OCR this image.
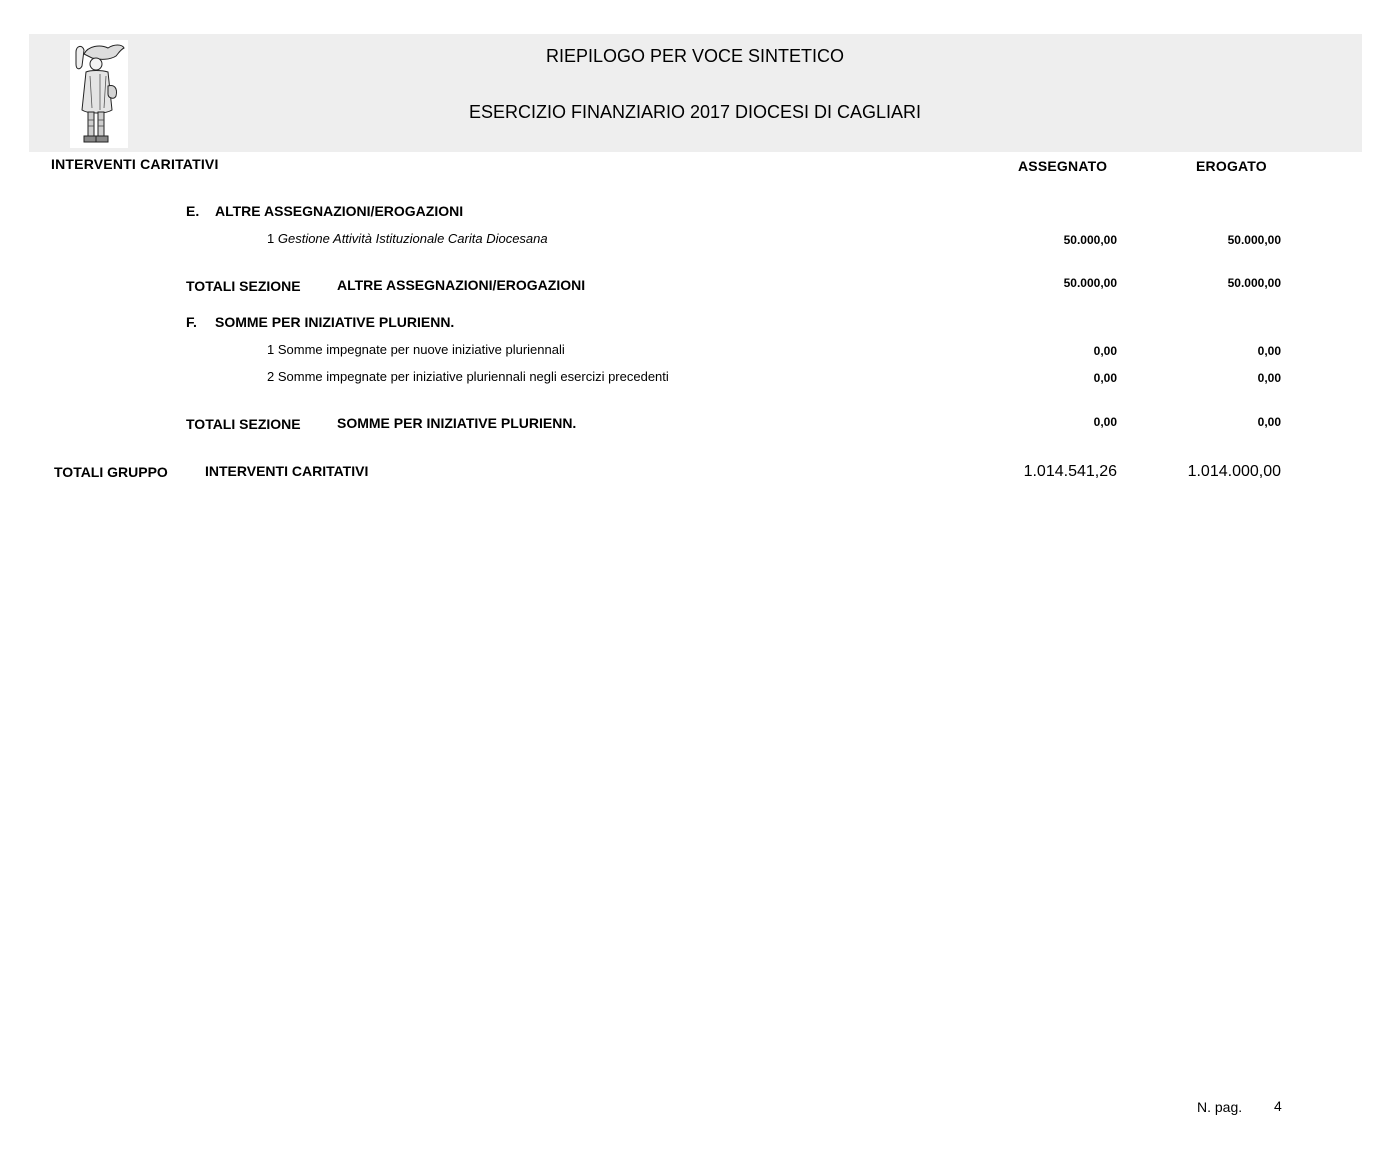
RIEPILOGO PER VOCE SINTETICO
ESERCIZIO FINANZIARIO 2017 DIOCESI DI CAGLIARI
INTERVENTI CARITATIVI	ASSEGNATO	EROGATO
E. ALTRE ASSEGNAZIONI/EROGAZIONI
1 Gestione Attività Istituzionale Carita Diocesana	50.000,00	50.000,00
TOTALI SEZIONE	ALTRE ASSEGNAZIONI/EROGAZIONI	50.000,00	50.000,00
F. SOMME PER INIZIATIVE PLURIENN.
1 Somme impegnate per nuove iniziative pluriennali	0,00	0,00
2 Somme impegnate per iniziative pluriennali negli esercizi precedenti	0,00	0,00
TOTALI SEZIONE	SOMME PER INIZIATIVE PLURIENN.	0,00	0,00
TOTALI GRUPPO	INTERVENTI CARITATIVI	1.014.541,26	1.014.000,00
N. pag. 4
